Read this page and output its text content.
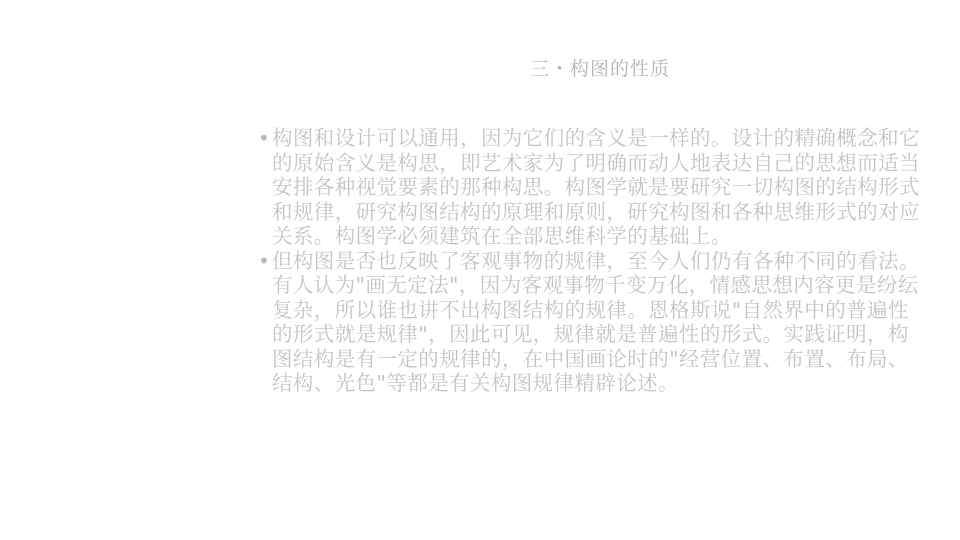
三・构图的性质
• 构图和设计可以通用，因为它们的含义是一样的。设计的精确概念和它的原始含义是构思，即艺术家为了明确而动人地表达自己的思想而适当安排各种视觉要素的那种构思。构图学就是要研究一切构图的结构形式和规律，研究构图结构的原理和原则，研究构图和各种思维形式的对应关系。构图学必须建筑在全部思维科学的基础上。
• 但构图是否也反映了客观事物的规律，至今人们仍有各种不同的看法。有人认为"画无定法"，因为客观事物千变万化，情感思想内容更是纷纭复杂，所以谁也讲不出构图结构的规律。恩格斯说"自然界中的普遍性的形式就是规律"，因此可见，规律就是普遍性的形式。实践证明，构图结构是有一定的规律的，在中国画论时的"经营位置、布置、布局、结构、光色"等都是有关构图规律精辟论述。
